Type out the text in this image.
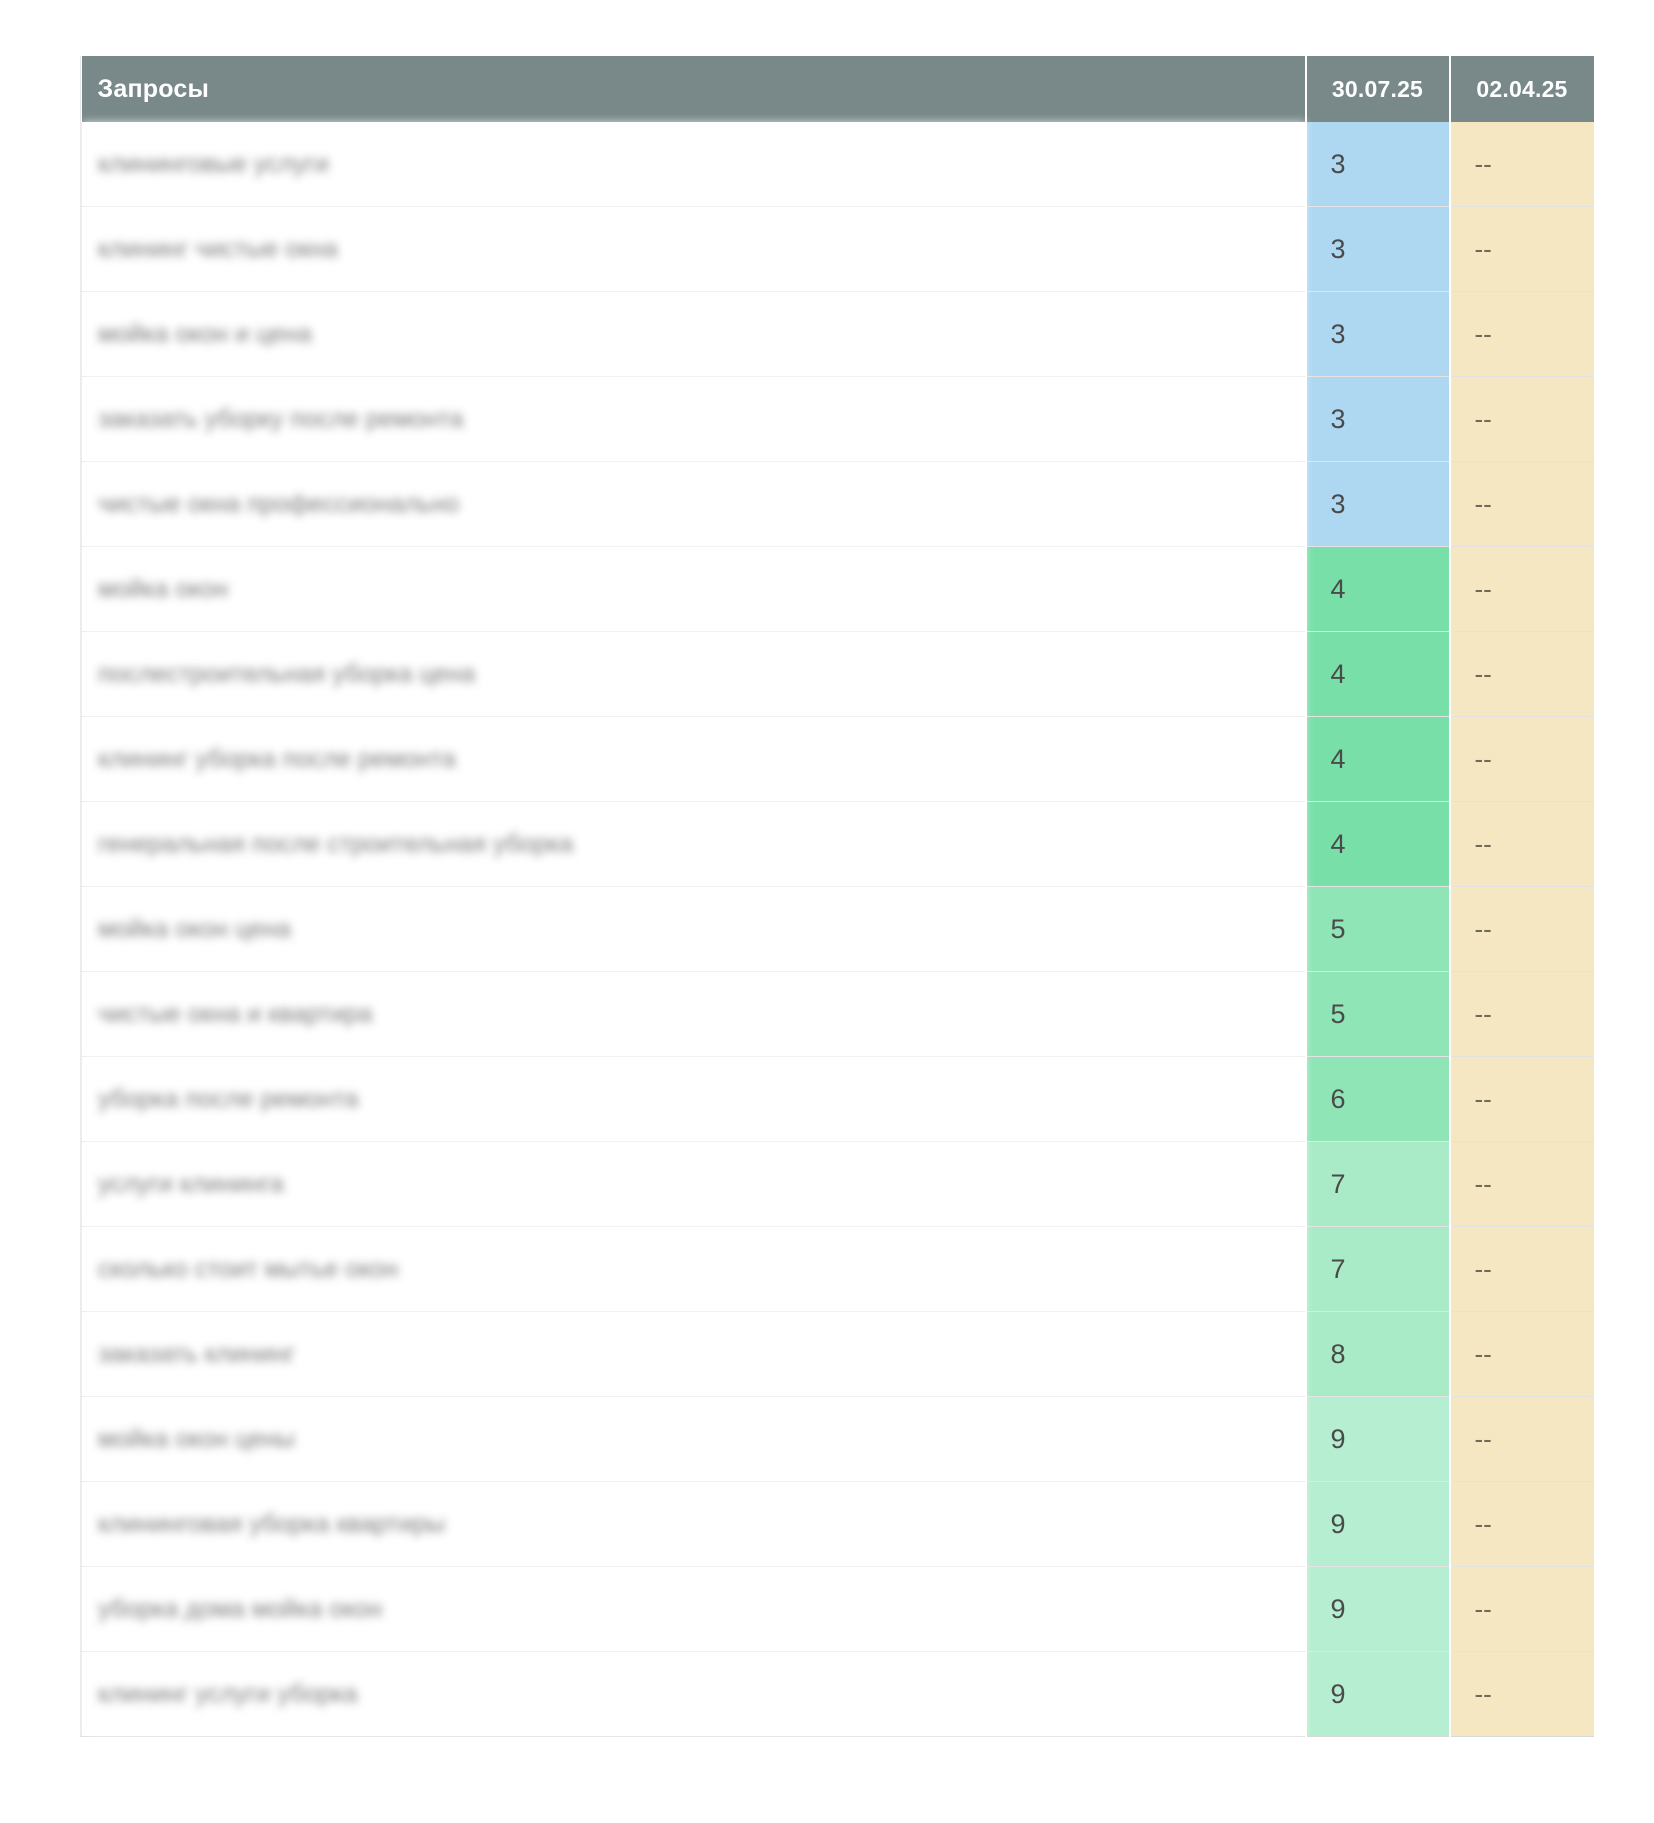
Запросы	30.07.25	02.04.25
клининговые услуги	3	--
клининг чистые окна	3	--
мойка окон и цена	3	--
заказать уборку после ремонта	3	--
чистые окна профессионально	3	--
мойка окон	4	--
послестроительная уборка цена	4	--
клининг уборка после ремонта	4	--
генеральная после строительная уборка	4	--
мойка окон цена	5	--
чистые окна и квартира	5	--
уборка после ремонта	6	--
услуги клининга	7	--
сколько стоит мытье окон	7	--
заказать клининг	8	--
мойка окон цены	9	--
клининговая уборка квартиры	9	--
уборка дома мойка окон	9	--
клининг услуги уборка	9	--
